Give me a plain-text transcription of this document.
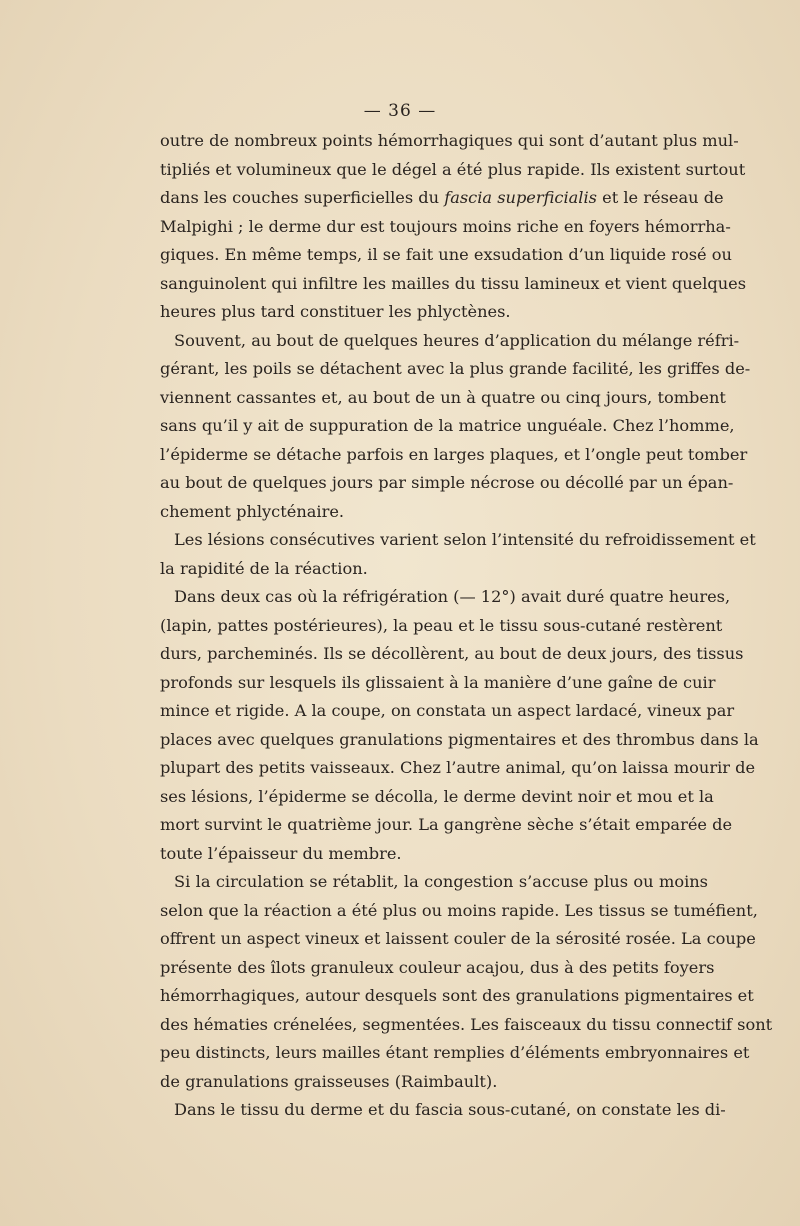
— 36 —
outre de nombreux points hémorrhagiques qui sont d’autant plus mul-
tipliés et volumineux que le dégel a été plus rapide. Ils existent surtout
dans les couches superficielles du fascia superficialis et le réseau de
Malpighi ; le derme dur est toujours moins riche en foyers hémorrha-
giques. En même temps, il se fait une exsudation d’un liquide rosé ou
sanguinolent qui infiltre les mailles du tissu lamineux et vient quelques
heures plus tard constituer les phlyctènes.
Souvent, au bout de quelques heures d’application du mélange réfri-
gérant, les poils se détachent avec la plus grande facilité, les griffes de-
viennent cassantes et, au bout de un à quatre ou cinq jours, tombent
sans qu’il y ait de suppuration de la matrice unguéale. Chez l’homme,
l’épiderme se détache parfois en larges plaques, et l’ongle peut tomber
au bout de quelques jours par simple nécrose ou décollé par un épan-
chement phlycténaire.
Les lésions consécutives varient selon l’intensité du refroidissement et
la rapidité de la réaction.
Dans deux cas où la réfrigération (— 12°) avait duré quatre heures,
(lapin, pattes postérieures), la peau et le tissu sous-cutané restèrent
durs, parcheminés. Ils se décollèrent, au bout de deux jours, des tissus
profonds sur lesquels ils glissaient à la manière d’une gaîne de cuir
mince et rigide. A la coupe, on constata un aspect lardacé, vineux par
places avec quelques granulations pigmentaires et des thrombus dans la
plupart des petits vaisseaux. Chez l’autre animal, qu’on laissa mourir de
ses lésions, l’épiderme se décolla, le derme devint noir et mou et la
mort survint le quatrième jour. La gangrène sèche s’était emparée de
toute l’épaisseur du membre.
Si la circulation se rétablit, la congestion s’accuse plus ou moins
selon que la réaction a été plus ou moins rapide. Les tissus se tuméfient,
offrent un aspect vineux et laissent couler de la sérosité rosée. La coupe
présente des îlots granuleux couleur acajou, dus à des petits foyers
hémorrhagiques, autour desquels sont des granulations pigmentaires et
des hématies crénelées, segmentées. Les faisceaux du tissu connectif sont
peu distincts, leurs mailles étant remplies d’éléments embryonnaires et
de granulations graisseuses (Raimbault).
Dans le tissu du derme et du fascia sous-cutané, on constate les di-
